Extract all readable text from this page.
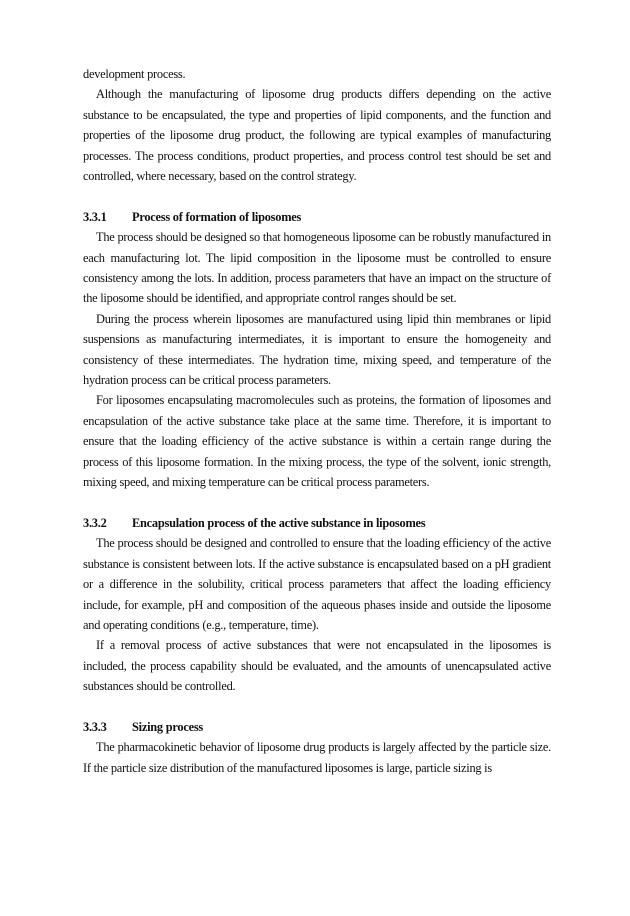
development process.

Although the manufacturing of liposome drug products differs depending on the active substance to be encapsulated, the type and properties of lipid components, and the function and properties of the liposome drug product, the following are typical examples of manufacturing processes. The process conditions, product properties, and process control test should be set and controlled, where necessary, based on the control strategy.

3.3.1	Process of formation of liposomes

The process should be designed so that homogeneous liposome can be robustly manufactured in each manufacturing lot. The lipid composition in the liposome must be controlled to ensure consistency among the lots. In addition, process parameters that have an impact on the structure of the liposome should be identified, and appropriate control ranges should be set.

During the process wherein liposomes are manufactured using lipid thin membranes or lipid suspensions as manufacturing intermediates, it is important to ensure the homogeneity and consistency of these intermediates. The hydration time, mixing speed, and temperature of the hydration process can be critical process parameters.

For liposomes encapsulating macromolecules such as proteins, the formation of liposomes and encapsulation of the active substance take place at the same time. Therefore, it is important to ensure that the loading efficiency of the active substance is within a certain range during the process of this liposome formation. In the mixing process, the type of the solvent, ionic strength, mixing speed, and mixing temperature can be critical process parameters.

3.3.2	Encapsulation process of the active substance in liposomes

The process should be designed and controlled to ensure that the loading efficiency of the active substance is consistent between lots. If the active substance is encapsulated based on a pH gradient or a difference in the solubility, critical process parameters that affect the loading efficiency include, for example, pH and composition of the aqueous phases inside and outside the liposome and operating conditions (e.g., temperature, time).

If a removal process of active substances that were not encapsulated in the liposomes is included, the process capability should be evaluated, and the amounts of unencapsulated active substances should be controlled.

3.3.3	Sizing process

The pharmacokinetic behavior of liposome drug products is largely affected by the particle size. If the particle size distribution of the manufactured liposomes is large, particle sizing is
